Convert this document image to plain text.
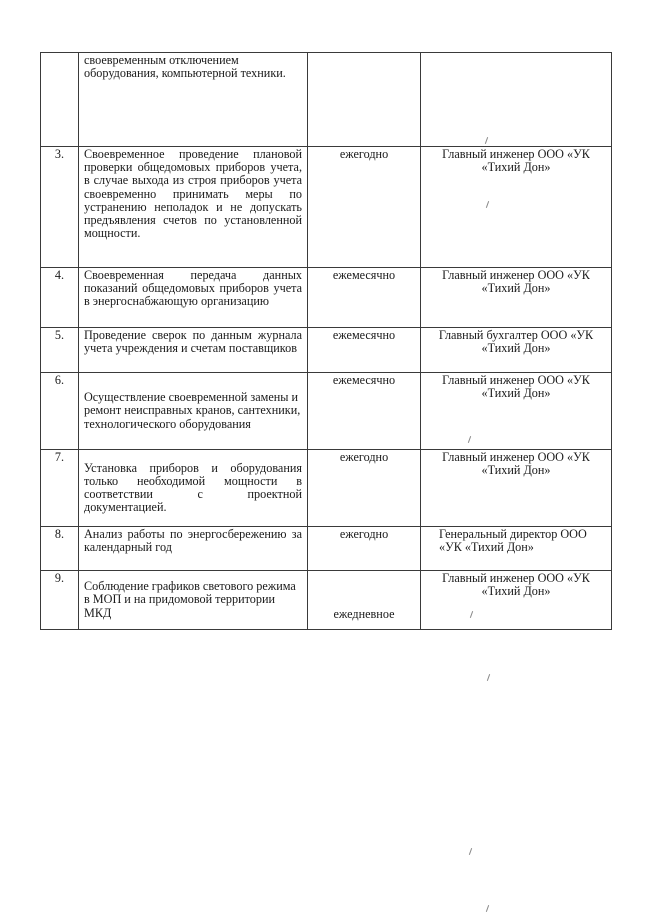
	своевременным отключением оборудования, компьютерной техники.		
3.	Своевременное проведение плановой проверки общедомовых приборов учета, в случае выхода из строя приборов учета своевременно принимать меры по устранению неполадок и не допускать предъявления счетов по установленной мощности.	ежегодно	Главный инженер ООО «УК «Тихий Дон»
4.	Своевременная передача данных показаний общедомовых приборов учета в энергоснабжающую организацию	ежемесячно	Главный инженер ООО «УК «Тихий Дон»
5.	Проведение сверок по данным журнала учета учреждения и счетам поставщиков	ежемесячно	Главный бухгалтер ООО «УК «Тихий Дон»
6.	Осуществление своевременной замены и ремонт неисправных кранов, сантехники, технологического оборудования	ежемесячно	Главный инженер ООО «УК «Тихий Дон»
7.	Установка приборов и оборудования только необходимой мощности в соответствии с проектной документацией.	ежегодно	Главный инженер ООО «УК «Тихий Дон»
8.	Анализ работы по энергосбережению за календарный год	ежегодно	Генеральный директор ООО «УК «Тихий Дон»
9.	Соблюдение графиков светового режима в МОП и на придомовой территории МКД	ежедневное	Главный инженер ООО «УК «Тихий Дон»
